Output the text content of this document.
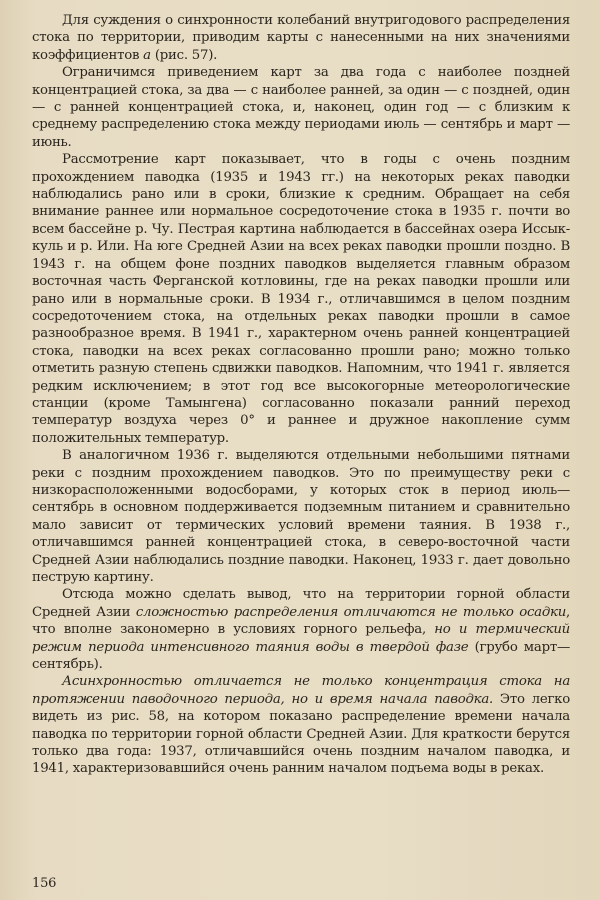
Для суждения о синхронности колебаний внутригодового распределения стока по территории, приводим карты с нанесенными на них значениями коэффициентов a (рис. 57).

Ограничимся приведением карт за два года с наиболее поздней концентрацией стока, за два — с наиболее ранней, за один — с поздней, один — с ранней концентрацией стока, и, наконец, один год — с близким к среднему распределению стока между периодами июль — сентябрь и март — июнь.

Рассмотрение карт показывает, что в годы с очень поздним прохождением паводка (1935 и 1943 гг.) на некоторых реках паводки наблюдались рано или в сроки, близкие к средним. Обращает на себя внимание раннее или нормальное сосредоточение стока в 1935 г. почти во всем бассейне р. Чу. Пестрая картина наблюдается в бассейнах озера Иссык-куль и р. Или. На юге Средней Азии на всех реках паводки прошли поздно. В 1943 г. на общем фоне поздних паводков выделяется главным образом восточная часть Ферганской котловины, где на реках паводки прошли или рано или в нормальные сроки. В 1934 г., отличавшимся в целом поздним сосредоточением стока, на отдельных реках паводки прошли в самое разнообразное время. В 1941 г., характерном очень ранней концентрацией стока, паводки на всех реках согласованно прошли рано; можно только отметить разную степень сдвижки паводков. Напомним, что 1941 г. является редким исключением; в этот год все высокогорные метеорологические станции (кроме Тамынгена) согласованно показали ранний переход температур воздуха через 0° и раннее и дружное накопление сумм положительных температур.

В аналогичном 1936 г. выделяются отдельными небольшими пятнами реки с поздним прохождением паводков. Это по преимуществу реки с низкорасположенными водосборами, у которых сток в период июль—сентябрь в основном поддерживается подземным питанием и сравнительно мало зависит от термических условий времени таяния. В 1938 г., отличавшимся ранней концентрацией стока, в северо-восточной части Средней Азии наблюдались поздние паводки. Наконец, 1933 г. дает довольно пеструю картину.

Отсюда можно сделать вывод, что на территории горной области Средней Азии сложностью распределения отличаются не только осадки, что вполне закономерно в условиях горного рельефа, но и термический режим периода интенсивного таяния воды в твердой фазе (грубо март—сентябрь).

Асинхронностью отличается не только концентрация стока на протяжении паводочного периода, но и время начала паводка. Это легко видеть из рис. 58, на котором показано распределение времени начала паводка по территории горной области Средней Азии. Для краткости берутся только два года: 1937, отличавшийся очень поздним началом паводка, и 1941, характеризовавшийся очень ранним началом подъема воды в реках.

156
